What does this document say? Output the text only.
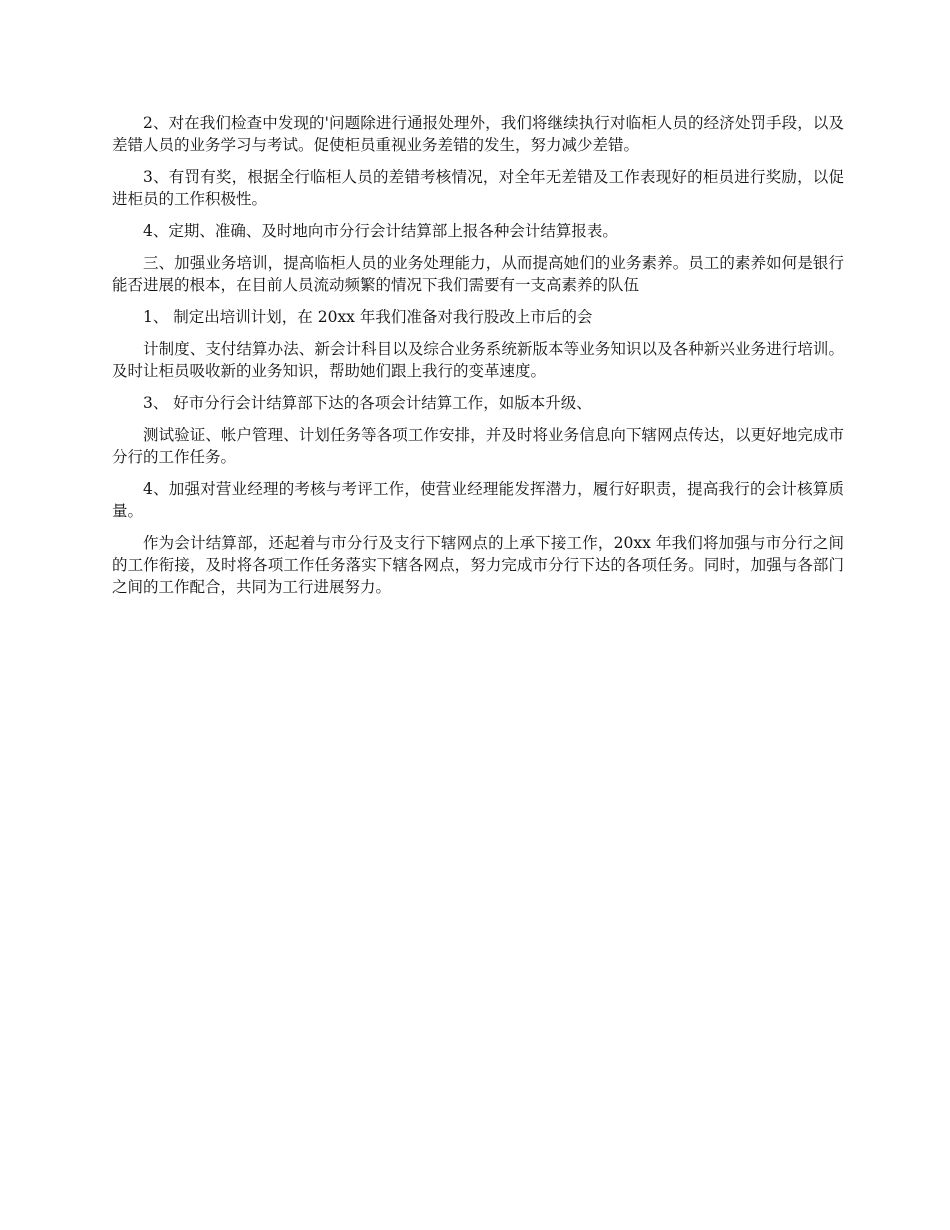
2、对在我们检查中发现的'问题除进行通报处理外，我们将继续执行对临柜人员的经济处罚手段，以及差错人员的业务学习与考试。促使柜员重视业务差错的发生，努力减少差错。

3、有罚有奖，根据全行临柜人员的差错考核情况，对全年无差错及工作表现好的柜员进行奖励，以促进柜员的工作积极性。

4、定期、准确、及时地向市分行会计结算部上报各种会计结算报表。

三、加强业务培训，提高临柜人员的业务处理能力，从而提高她们的业务素养。员工的素养如何是银行能否进展的根本，在目前人员流动频繁的情况下我们需要有一支高素养的队伍

1、 制定出培训计划，在 20xx 年我们准备对我行股改上市后的会

计制度、支付结算办法、新会计科目以及综合业务系统新版本等业务知识以及各种新兴业务进行培训。及时让柜员吸收新的业务知识，帮助她们跟上我行的变革速度。

3、 好市分行会计结算部下达的各项会计结算工作，如版本升级、

测试验证、帐户管理、计划任务等各项工作安排，并及时将业务信息向下辖网点传达，以更好地完成市分行的工作任务。

4、加强对营业经理的考核与考评工作，使营业经理能发挥潜力，履行好职责，提高我行的会计核算质量。

作为会计结算部，还起着与市分行及支行下辖网点的上承下接工作，20xx 年我们将加强与市分行之间的工作衔接，及时将各项工作任务落实下辖各网点，努力完成市分行下达的各项任务。同时，加强与各部门之间的工作配合，共同为工行进展努力。
